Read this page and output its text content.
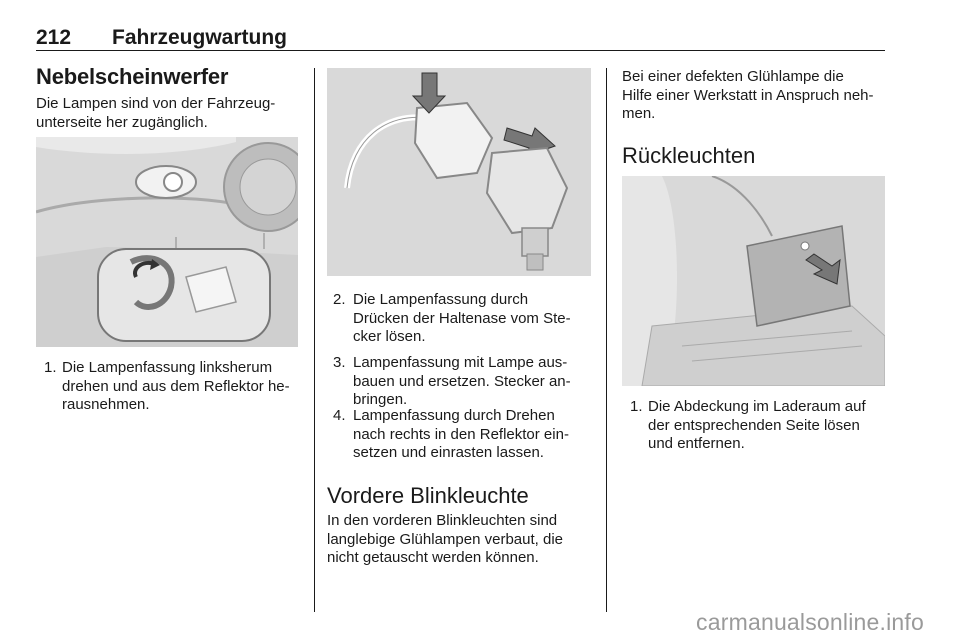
212 Fahrzeugwartung
Nebelscheinwerfer
Die Lampen sind von der Fahrzeug-
unterseite her zugänglich.
1. Die Lampenfassung linksherum
drehen und aus dem Reflektor he-
rausnehmen.
2. Die Lampenfassung durch
Drücken der Haltenase vom Ste-
cker lösen.
3. Lampenfassung mit Lampe aus-
bauen und ersetzen. Stecker an-
bringen.
4. Lampenfassung durch Drehen
nach rechts in den Reflektor ein-
setzen und einrasten lassen.
Vordere Blinkleuchte
In den vorderen Blinkleuchten sind
langlebige Glühlampen verbaut, die
nicht getauscht werden können.
Bei einer defekten Glühlampe die
Hilfe einer Werkstatt in Anspruch neh-
men.
Rückleuchten
1. Die Abdeckung im Laderaum auf
der entsprechenden Seite lösen
und entfernen.
carmanualsonline.info
